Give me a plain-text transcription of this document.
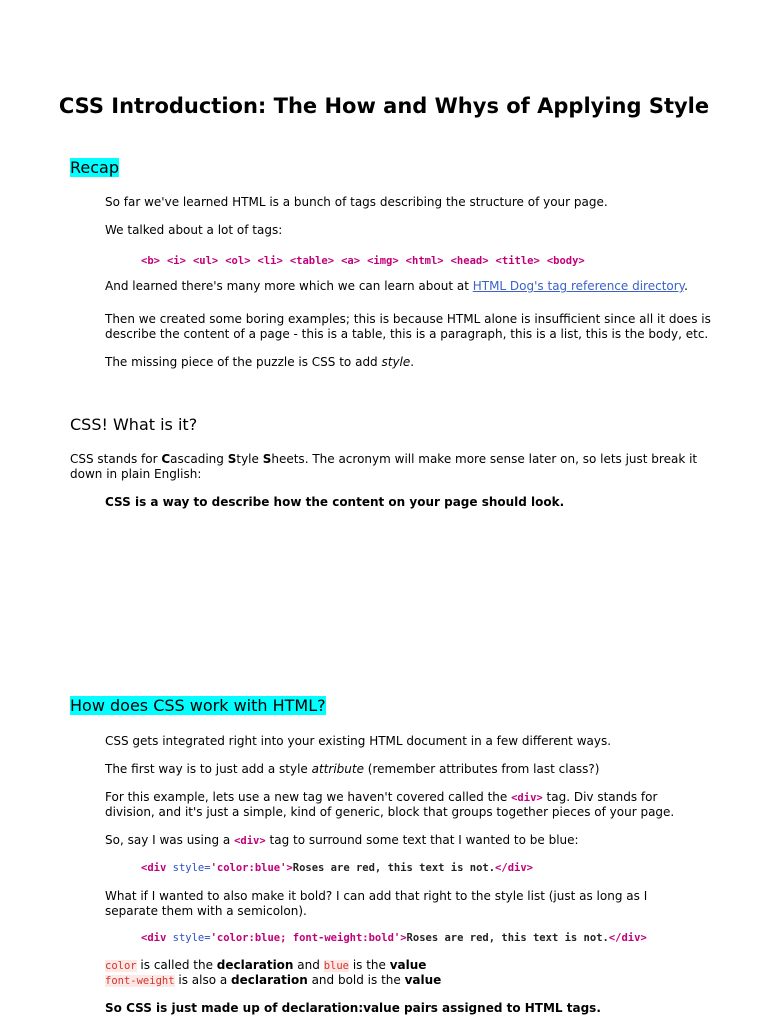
CSS Introduction: The How and Whys of Applying Style
Recap

So far we've learned HTML is a bunch of tags describing the structure of your page.

We talked about a lot of tags:

<b> <i> <ul> <ol> <li> <table> <a> <img> <html> <head> <title> <body>

And learned there's many more which we can learn about at HTML Dog's tag reference directory.

Then we created some boring examples; this is because HTML alone is insufficient since all it does is

describe the content of a page - this is a table, this is a paragraph, this is a list, this is the body, etc.

The missing piece of the puzzle is CSS to add style.

CSS! What is it?

CSS stands for Cascading Style Sheets. The acronym will make more sense later on, so lets just break it

down in plain English:

CSS is a way to describe how the content on your page should look.

How does CSS work with HTML?

CSS gets integrated right into your existing HTML document in a few different ways.

The first way is to just add a style attribute (remember attributes from last class?)

For this example, lets use a new tag we haven't covered called the <div> tag. Div stands for

division, and it's just a simple, kind of generic, block that groups together pieces of your page.

So, say I was using a <div> tag to surround some text that I wanted to be blue:

<div style='color:blue'>Roses are red, this text is not.</div>

What if I wanted to also make it bold? I can add that right to the style list (just as long as I

separate them with a semicolon).

<div style='color:blue; font-weight:bold'>Roses are red, this text is not.</div>

color is called the declaration and blue is the value

font-weight is also a declaration and bold is the value

So CSS is just made up of declaration:value pairs assigned to HTML tags.
